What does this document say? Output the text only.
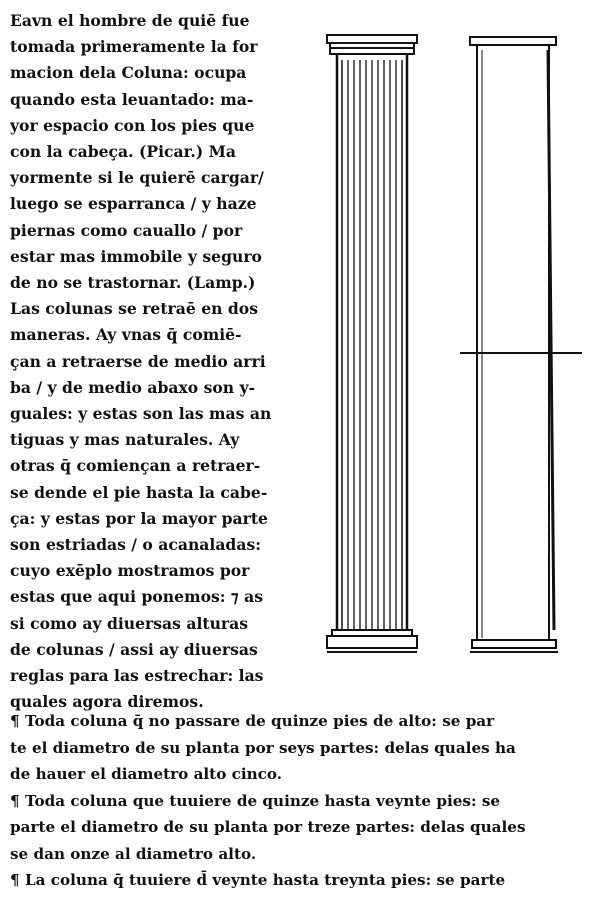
Eavn el hombre de quiē fue
tomada primeramente la for
macion dela Coluna: ocupa
quando esta leuantado: ma-
yor espacio con los pies que
con la cabeça. (Picar.) Ma
yormente si le quierē cargar/
luego se esparranca / y haze
piernas como cauallo / por
estar mas immobile y seguro
de no se trastornar. (Lamp.)
Las colunas se retraē en dos
maneras. Ay vnas q̄ comiē-
çan a retraerse de medio arri
ba / y de medio abaxo son y-
guales: y estas son las mas an
tiguas y mas naturales. Ay
otras q̄ comiençan a retraer-
se dende el pie hasta la cabe-
ça: y estas por la mayor parte
son estriadas / o acanaladas:
cuyo exēplo mostramos por
estas que aqui ponemos: ⁊ as
si como ay diuersas alturas
de colunas / assi ay diuersas
reglas para las estrechar: las
quales agora diremos.
¶ Toda coluna q̄ no passare de quinze pies de alto: se par
te el diametro de su planta por seys partes: delas quales ha
de hauer el diametro alto cinco.
¶ Toda coluna que tuuiere de quinze hasta veynte pies: se
parte el diametro de su planta por treze partes: delas quales
se dan onze al diametro alto.
¶ La coluna q̄ tuuiere d̄ veynte hasta treynta pies: se parte
